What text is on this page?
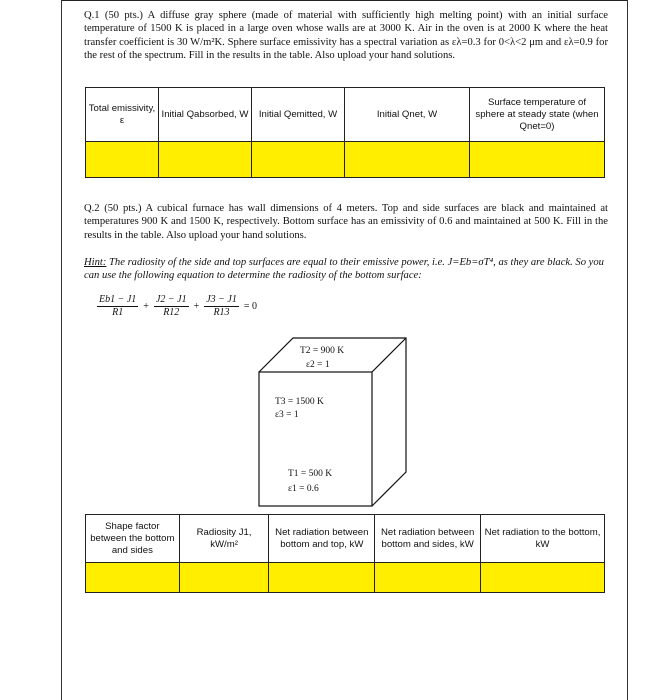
Q.1 (50 pts.) A diffuse gray sphere (made of material with sufficiently high melting point) with an initial surface temperature of 1500 K is placed in a large oven whose walls are at 3000 K. Air in the oven is at 2000 K where the heat transfer coefficient is 30 W/m²K. Sphere surface emissivity has a spectral variation as ελ=0.3 for 0<λ<2 μm and ελ=0.9 for the rest of the spectrum. Fill in the results in the table. Also upload your hand solutions.
Total emissivity, ε	Initial Qabsorbed, W	Initial Qemitted, W	Initial Qnet, W	Surface temperature of sphere at steady state (when Qnet=0)

Q.2 (50 pts.) A cubical furnace has wall dimensions of 4 meters. Top and side surfaces are black and maintained at temperatures 900 K and 1500 K, respectively. Bottom surface has an emissivity of 0.6 and maintained at 500 K. Fill in the results in the table. Also upload your hand solutions.
Hint: The radiosity of the side and top surfaces are equal to their emissive power, i.e. J=Eb=σT⁴, as they are black. So you can use the following equation to determine the radiosity of the bottom surface:
$\frac{Eb1 - J1}{R1} + \frac{J2 - J1}{R12} + \frac{J3 - J1}{R13} = 0$
T2 = 900 K
ε2 = 1
T3 = 1500 K
ε3 = 1
T1 = 500 K
ε1 = 0.6
Shape factor between the bottom and sides	Radiosity J1, kW/m²	Net radiation between bottom and top, kW	Net radiation between bottom and sides, kW	Net radiation to the bottom, kW
